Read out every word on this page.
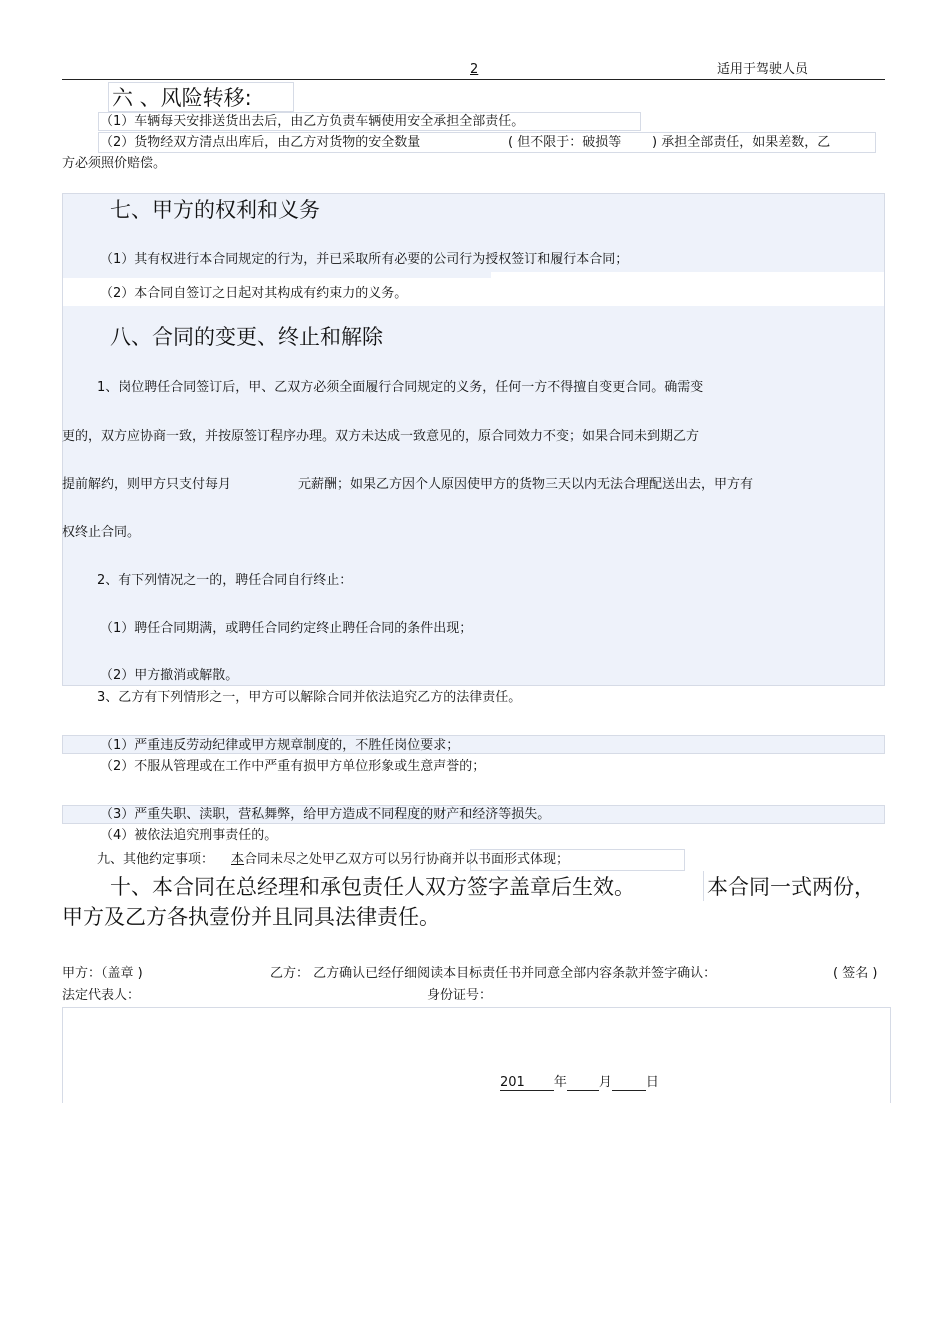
2	适用于驾驶人员
六 、风险转移:
（1）车辆每天安排送货出去后，由乙方负责车辆使用安全承担全部责任。
（2）货物经双方清点出库后，由乙方对货物的安全数量	( 但不限于：破损等 ) 承担全部责任，如果差数，乙
方必须照价赔偿。
七、甲方的权利和义务
（1）其有权进行本合同规定的行为，并已采取所有必要的公司行为授权签订和履行本合同；
（2）本合同自签订之日起对其构成有约束力的义务。
八、合同的变更、终止和解除
1、岗位聘任合同签订后，甲、乙双方必须全面履行合同规定的义务，任何一方不得擅自变更合同。确需变
更的，双方应协商一致，并按原签订程序办理。双方未达成一致意见的，原合同效力不变；如果合同未到期乙方
提前解约，则甲方只支付每月	元薪酬；如果乙方因个人原因使甲方的货物三天以内无法合理配送出去，甲方有
权终止合同。
2、有下列情况之一的，聘任合同自行终止：
（1）聘任合同期满，或聘任合同约定终止聘任合同的条件出现；
（2）甲方撤消或解散。
3、乙方有下列情形之一，甲方可以解除合同并依法追究乙方的法律责任。
（1）严重违反劳动纪律或甲方规章制度的，不胜任岗位要求；
（2）不服从管理或在工作中严重有损甲方单位形象或生意声誉的；
（3）严重失职、渎职，营私舞弊，给甲方造成不同程度的财产和经济等损失。
（4）被依法追究刑事责任的。
九、其他约定事项： 本 合同未尽之处甲乙双方可以另行协商并以书面形式体现；
十、本合同在总经理和承包责任人双方签字盖章后生效。	本合同一式两份，
甲方及乙方各执壹份并且同具法律责任。
甲方：（盖章 )	乙方： 乙方确认已经仔细阅读本目标责任书并同意全部内容条款并签字确认：	( 签名 )
法定代表人：	身份证号：
201 年 月	日
